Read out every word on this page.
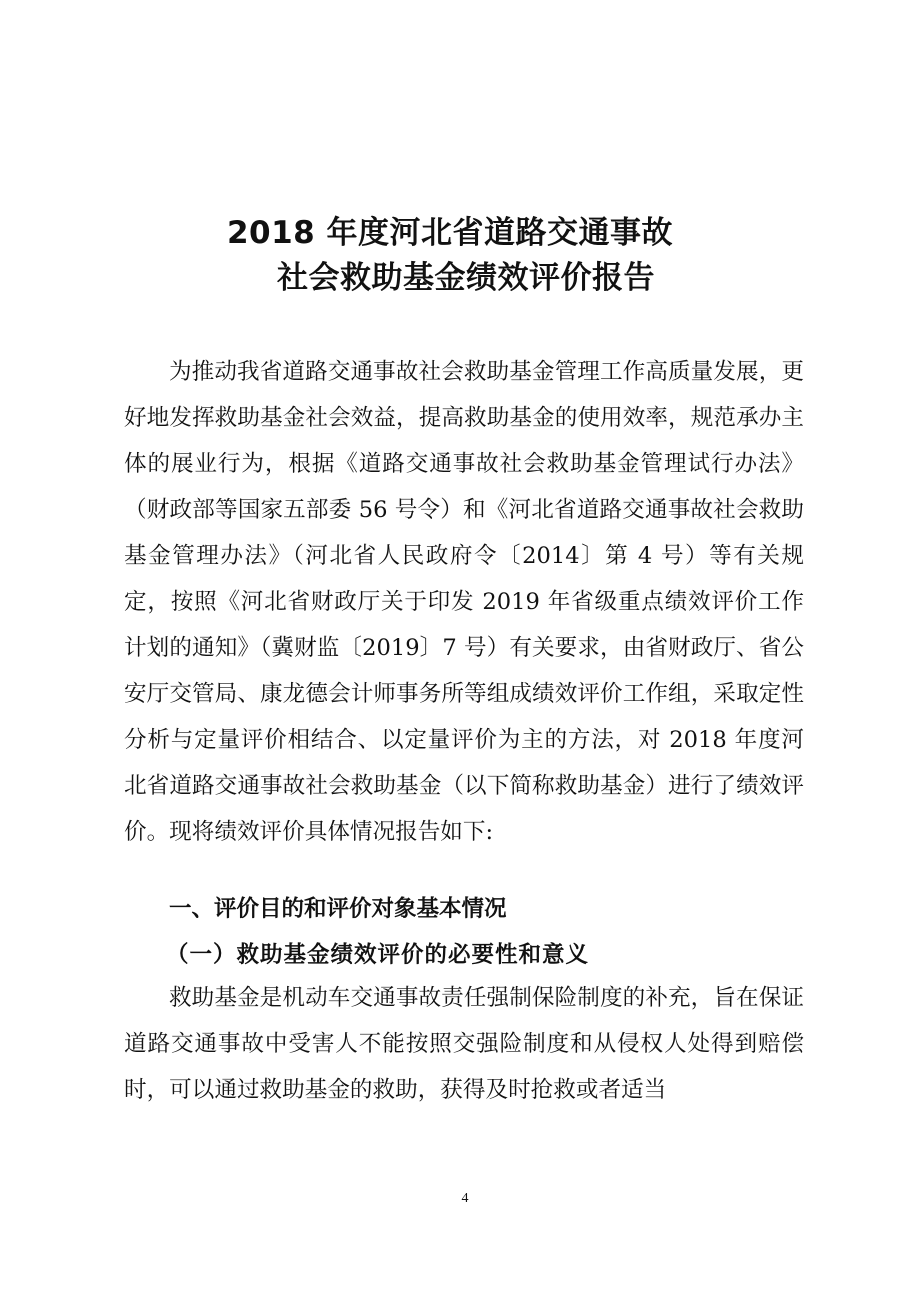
2018 年度河北省道路交通事故
社会救助基金绩效评价报告

为推动我省道路交通事故社会救助基金管理工作高质量发展，更好地发挥救助基金社会效益，提高救助基金的使用效率，规范承办主体的展业行为，根据《道路交通事故社会救助基金管理试行办法》（财政部等国家五部委 56 号令）和《河北省道路交通事故社会救助基金管理办法》（河北省人民政府令〔2014〕第 4 号）等有关规定，按照《河北省财政厅关于印发 2019 年省级重点绩效评价工作计划的通知》（冀财监〔2019〕7 号）有关要求，由省财政厅、省公安厅交管局、康龙德会计师事务所等组成绩效评价工作组，采取定性分析与定量评价相结合、以定量评价为主的方法，对 2018 年度河北省道路交通事故社会救助基金（以下简称救助基金）进行了绩效评价。现将绩效评价具体情况报告如下:

一、评价目的和评价对象基本情况
（一）救助基金绩效评价的必要性和意义

救助基金是机动车交通事故责任强制保险制度的补充，旨在保证道路交通事故中受害人不能按照交强险制度和从侵权人处得到赔偿时，可以通过救助基金的救助，获得及时抢救或者适当

4
